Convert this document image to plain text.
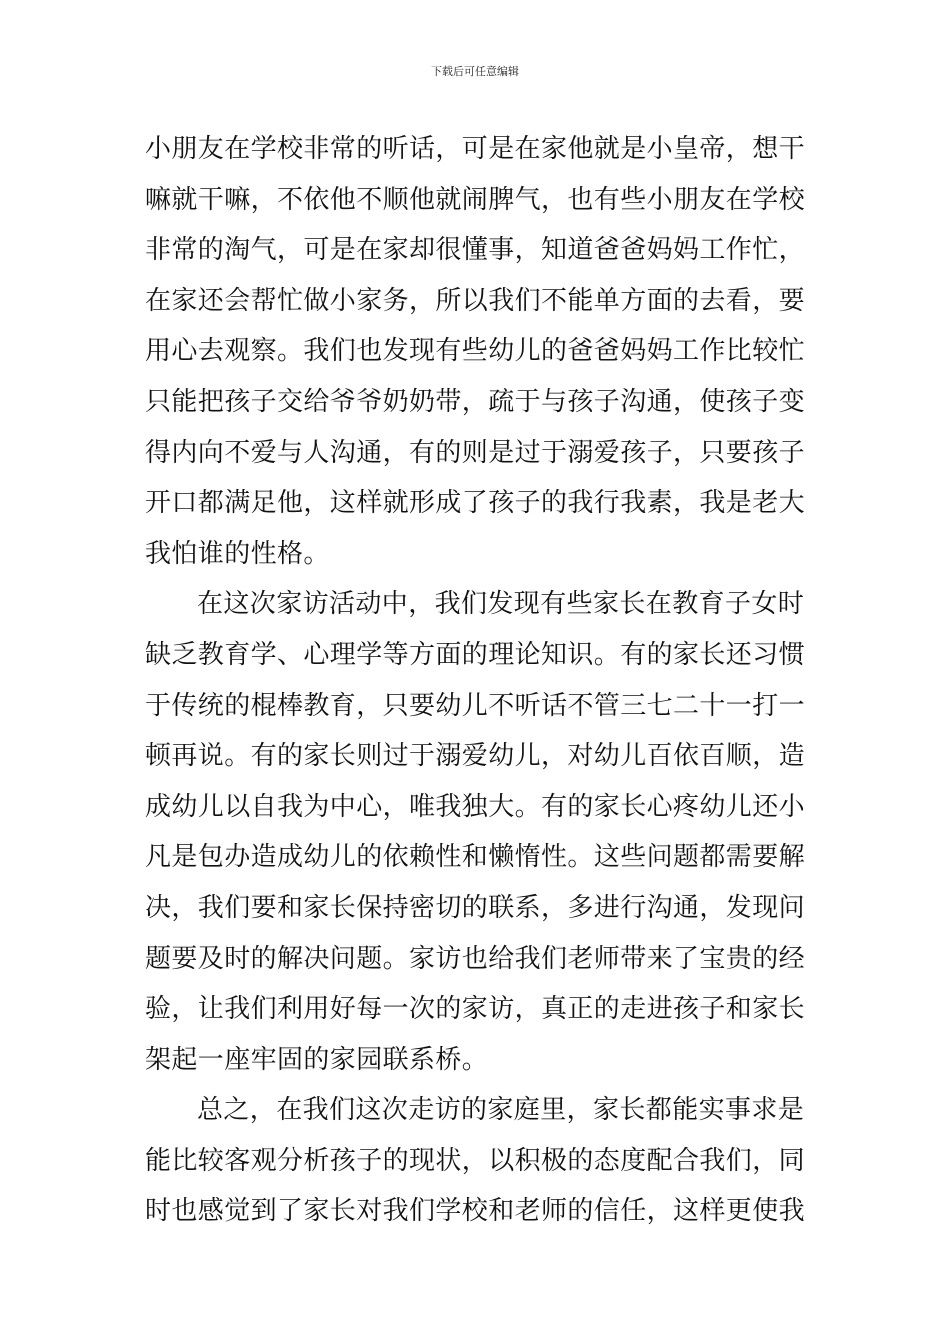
下载后可任意编辑
小朋友在学校非常的听话，可是在家他就是小皇帝，想干
嘛就干嘛，不依他不顺他就闹脾气，也有些小朋友在学校
非常的淘气，可是在家却很懂事，知道爸爸妈妈工作忙，
在家还会帮忙做小家务，所以我们不能单方面的去看，要
用心去观察。我们也发现有些幼儿的爸爸妈妈工作比较忙
只能把孩子交给爷爷奶奶带，疏于与孩子沟通，使孩子变
得内向不爱与人沟通，有的则是过于溺爱孩子，只要孩子
开口都满足他，这样就形成了孩子的我行我素，我是老大
我怕谁的性格。
在这次家访活动中，我们发现有些家长在教育子女时
缺乏教育学、心理学等方面的理论知识。有的家长还习惯
于传统的棍棒教育，只要幼儿不听话不管三七二十一打一
顿再说。有的家长则过于溺爱幼儿，对幼儿百依百顺，造
成幼儿以自我为中心，唯我独大。有的家长心疼幼儿还小
凡是包办造成幼儿的依赖性和懒惰性。这些问题都需要解
决，我们要和家长保持密切的联系，多进行沟通，发现问
题要及时的解决问题。家访也给我们老师带来了宝贵的经
验，让我们利用好每一次的家访，真正的走进孩子和家长
架起一座牢固的家园联系桥。
总之，在我们这次走访的家庭里，家长都能实事求是
能比较客观分析孩子的现状，以积极的态度配合我们，同
时也感觉到了家长对我们学校和老师的信任，这样更使我
